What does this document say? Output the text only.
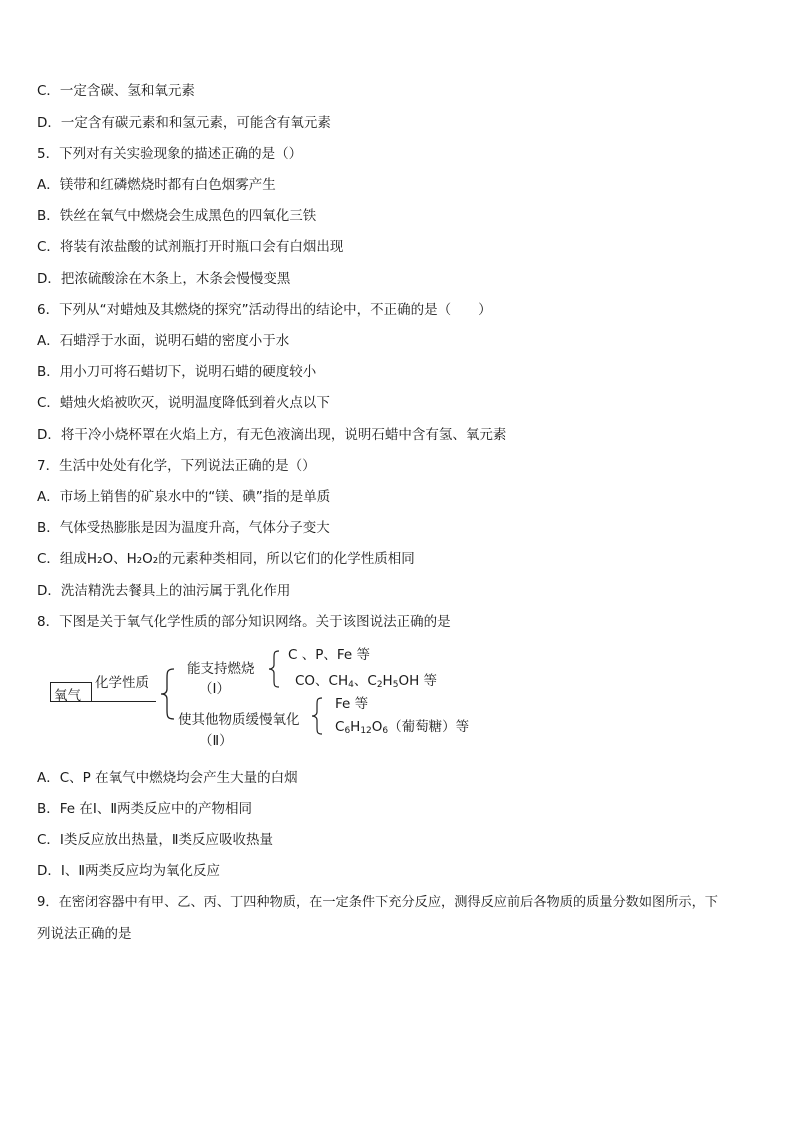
C．一定含碳、氢和氧元素
D．一定含有碳元素和和氢元素，可能含有氧元素
5．下列对有关实验现象的描述正确的是（）
A．镁带和红磷燃烧时都有白色烟雾产生
B．铁丝在氧气中燃烧会生成黑色的四氧化三铁
C．将装有浓盐酸的试剂瓶打开时瓶口会有白烟出现
D．把浓硫酸涂在木条上，木条会慢慢变黑
6．下列从“对蜡烛及其燃烧的探究”活动得出的结论中，不正确的是（　　）
A．石蜡浮于水面，说明石蜡的密度小于水
B．用小刀可将石蜡切下，说明石蜡的硬度较小
C．蜡烛火焰被吹灭，说明温度降低到着火点以下
D．将干冷小烧杯罩在火焰上方，有无色液滴出现，说明石蜡中含有氢、氧元素
7．生活中处处有化学，下列说法正确的是（）
A．市场上销售的矿泉水中的“镁、碘”指的是单质
B．气体受热膨胀是因为温度升高，气体分子变大
C．组成H₂O、H₂O₂的元素种类相同，所以它们的化学性质相同
D．洗洁精洗去餐具上的油污属于乳化作用
8．下图是关于氧气化学性质的部分知识网络。关于该图说法正确的是
氧气
化学性质
能支持燃烧
（Ⅰ）
C 、P、Fe 等
CO、$CH_4$、$C_2H_5OH$ 等
使其他物质缓慢氧化
（Ⅱ）
Fe 等
$C_6H_{12}O_6$（葡萄糖）等
A．C、P 在氧气中燃烧均会产生大量的白烟
B．Fe 在Ⅰ、Ⅱ两类反应中的产物相同
C．Ⅰ类反应放出热量，Ⅱ类反应吸收热量
D．Ⅰ、Ⅱ两类反应均为氧化反应
9．在密闭容器中有甲、乙、丙、丁四种物质，在一定条件下充分反应，测得反应前后各物质的质量分数如图所示，下
列说法正确的是
